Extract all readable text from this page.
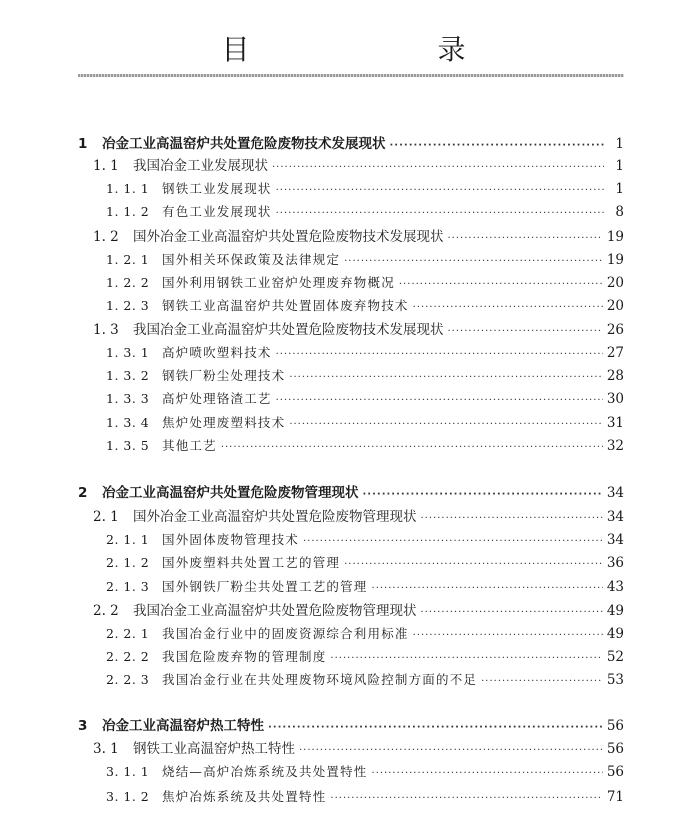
目　　录
1	冶金工业高温窑炉共处置危险废物技术发展现状 ·····	1
1. 1	我国冶金工业发展现状 ·····	1
1. 1. 1	钢铁工业发展现状 ·····	1
1. 1. 2	有色工业发展现状 ·····	8
1. 2	国外冶金工业高温窑炉共处置危险废物技术发展现状 ·····	19
1. 2. 1	国外相关环保政策及法律规定 ·····	19
1. 2. 2	国外利用钢铁工业窑炉处理废弃物概况 ·····	20
1. 2. 3	钢铁工业高温窑炉共处置固体废弃物技术 ·····	20
1. 3	我国冶金工业高温窑炉共处置危险废物技术发展现状 ·····	26
1. 3. 1	高炉喷吹塑料技术 ·····	27
1. 3. 2	钢铁厂粉尘处理技术 ·····	28
1. 3. 3	高炉处理铬渣工艺 ·····	30
1. 3. 4	焦炉处理废塑料技术 ·····	31
1. 3. 5	其他工艺 ·····	32
2	冶金工业高温窑炉共处置危险废物管理现状 ·····	34
2. 1	国外冶金工业高温窑炉共处置危险废物管理现状 ·····	34
2. 1. 1	国外固体废物管理技术 ·····	34
2. 1. 2	国外废塑料共处置工艺的管理 ·····	36
2. 1. 3	国外钢铁厂粉尘共处置工艺的管理 ·····	43
2. 2	我国冶金工业高温窑炉共处置危险废物管理现状 ·····	49
2. 2. 1	我国冶金行业中的固废资源综合利用标准 ·····	49
2. 2. 2	我国危险废弃物的管理制度 ·····	52
2. 2. 3	我国冶金行业在共处理废物环境风险控制方面的不足 ·····	53
3	冶金工业高温窑炉热工特性 ·····	56
3. 1	钢铁工业高温窑炉热工特性 ·····	56
3. 1. 1	烧结—高炉冶炼系统及共处置特性 ·····	56
3. 1. 2	焦炉冶炼系统及共处置特性 ·····	71
